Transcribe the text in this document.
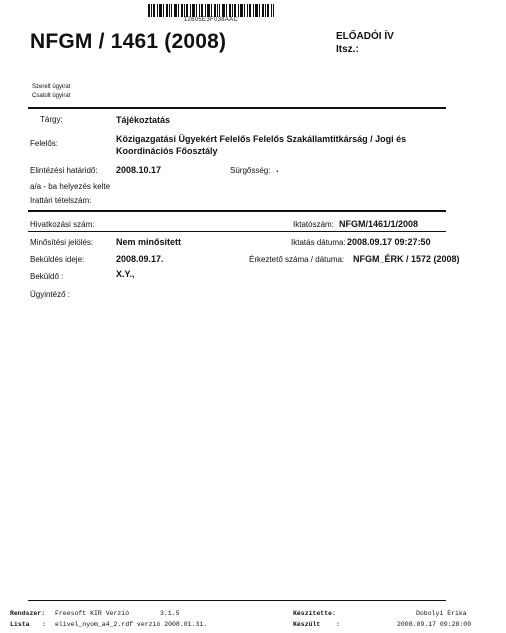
12605E3F038AAC
NFGM / 1461 (2008)	ELŐADÓI ÍV
Itsz.:
Szerelt ügyirat
Csatolt ügyirat
Tárgy:	Tájékoztatás
Felelős:	Közigazgatási Ügyekért Felelős Felelős Szakállamtitkárság / Jogi és Koordinációs Főosztály
Elintézési határidő: 2008.10.17	Sürgősség: .
a/a - ba helyezés kelte
Irattári tételszám:
Hivatkozási szám:	Iktatószám: NFGM/1461/1/2008
Minősítési jelölés:	Nem minősített	Iktatás dátuma: 2008.09.17 09:27:50
Beküldés ideje:	2008.09.17.	Érkeztető száma / dátuma: NFGM_ÉRK / 1572 (2008)
Beküldő :	X.Y.,
Ügyintéző :
Rendszer: Freesoft KIR Verzió	3.1.5
Lista : elivel_nyom_a4_2.rdf verzió 2008.01.31.
Készítette:	Dobolyi Erika
Készült :	2008.09.17 09:28:00
